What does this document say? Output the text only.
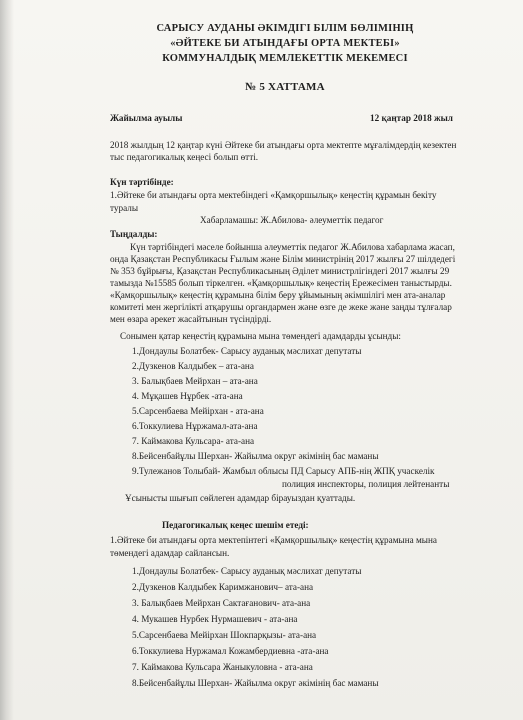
САРЫСУ АУДАНЫ ӘКІМДІГІ БІЛІМ БӨЛІМІНІҢ
«ӘЙТЕКЕ БИ АТЫНДАҒЫ ОРТА МЕКТЕБІ»
КОММУНАЛДЫҚ МЕМЛЕКЕТТІК МЕКЕМЕСІ
№ 5 ХАТТАМА
Жайылма ауылы	12 қаңтар 2018 жыл
2018 жылдың 12 қаңтар күні Әйтеке би атындағы орта мектепте мұғалімдердің кезектен
тыс педагогикалық кеңесі болып өтті.
Күн тәртібінде:
1.Әйтеке би атындағы орта мектебіндегі «Қамқоршылық» кеңестің құрамын бекіту
туралы
Хабарламашы: Ж.Абилова- әлеуметтік педагог
Тыңдалды:
Күн тәртібіндегі мәселе бойынша әлеуметтік педагог Ж.Абилова хабарлама жасап,
онда Қазақстан Республикасы Ғылым және Білім министрінің 2017 жылғы 27 шілдедегі
№ 353 бұйрығы, Қазақстан Республикасының Әділет министрлігіндегі 2017 жылғы 29
тамызда №15585 болып тіркелген. «Қамқоршылық» кеңестің Ережесімен таныстырды.
«Қамқоршылық» кеңестің құрамына білім беру ұйымының әкімшілігі мен ата-аналар
комитеті мен жергілікті атқарушы органдармен және өзге де жеке және заңды тұлғалар
мен өзара әрекет жасайтынын түсіндірді.
Сонымен қатар кеңестің құрамына мына төмендегі адамдарды ұсынды:
1.Дондаулы Болатбек- Сарысу ауданық мәслихат депутаты
2.Дузкенов Калдыбек – ата-ана
3. Балықбаев Мейрхан – ата-ана
4. Мұқашев Нұрбек -ата-ана
5.Сарсенбаева Мейірхан - ата-ана
6.Токкулиева Нұржамал-ата-ана
7. Каймакова Кульсара- ата-ана
8.Бейсенбайұлы Шерхан- Жайылма округ әкімінің бас маманы
9.Тулежанов Толыбай- Жамбыл облысы ПД Сарысу АПБ-нің ЖПҚ учаскелік
полиция инспекторы, полиция лейтенанты
Ұсынысты шығып сөйлеген адамдар бірауыздан қуаттады.
Педагогикалық кеңес шешім етеді:
1.Әйтеке би атындағы орта мектепінтегі «Қамқоршылық» кеңестің құрамына мына
төмендегі адамдар сайлансын.
1.Дондаулы Болатбек- Сарысу ауданық мәслихат депутаты
2.Дузкенов Калдыбек Каримжанович– ата-ана
3. Балықбаев Мейрхан Сактағанович- ата-ана
4. Мукашев Нурбек Нурмашевич - ата-ана
5.Сарсенбаева Мейірхан Шокпарқызы- ата-ана
6.Токкулиева Нуржамал Кожамбердиевна -ата-ана
7. Каймакова Кульсара Жаныкуловна - ата-ана
8.Бейсенбайұлы Шерхан- Жайылма округ әкімінің бас маманы
